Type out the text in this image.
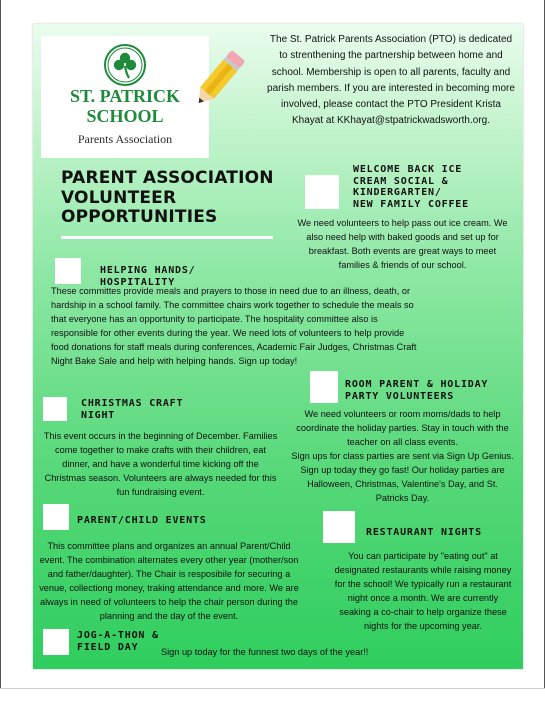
ST. PATRICK
SCHOOL
Parents Association
The St. Patrick Parents Association (PTO) is dedicated to strenthening the partnership between home and school. Membership is open to all parents, faculty and parish members. If you are interested in becoming more involved, please contact the PTO President Krista Khayat at KKhayat@stpatrickwadsworth.org.
PARENT ASSOCIATION
VOLUNTEER
OPPORTUNITIES
WELCOME BACK ICE
CREAM SOCIAL &
KINDERGARTEN/
NEW FAMILY COFFEE
We need volunteers to help pass out ice cream. We also need help with baked goods and set up for breakfast. Both events are great ways to meet families & friends of our school.
HELPING HANDS/
HOSPITALITY
These committes provide meals and prayers to those in need due to an illness, death, or hardship in a school family. The committee chairs work together to schedule the meals so that everyone has an opportunity to participate. The hospitality committee also is responsible for other events during the year. We need lots of volunteers to help provide food donations for staff meals during conferences, Academic Fair Judges, Christmas Craft Night Bake Sale and help with helping hands. Sign up today!
ROOM PARENT & HOLIDAY
PARTY VOLUNTEERS
We need volunteers or room moms/dads to help coordinate the holiday parties. Stay in touch with the teacher on all class events.
Sign ups for class parties are sent via Sign Up Genius. Sign up today they go fast! Our holiday parties are Halloween, Christmas, Valentine's Day, and St. Patricks Day.
CHRISTMAS CRAFT
NIGHT
This event occurs in the beginning of December. Families come together to make crafts with their children, eat dinner, and have a wonderful time kicking off the Christmas season. Volunteers are always needed for this fun fundraising event.
PARENT/CHILD EVENTS
This committee plans and organizes an annual Parent/Child event. The combination alternates every other year (mother/son and father/daughter). The Chair is resposibile for securing a venue, collectiong money, traking attendance and more. We are always in need of volunteers to help the chair person during the planning and the day of the event.
RESTAURANT NIGHTS
You can participate by "eating out" at designated restaurants while raising money for the school! We typically run a restaurant night once a month. We are currently seaking a co-chair to help organize these nights for the upcoming year.
JOG-A-THON &
FIELD DAY	Sign up today for the funnest two days of the year!!
